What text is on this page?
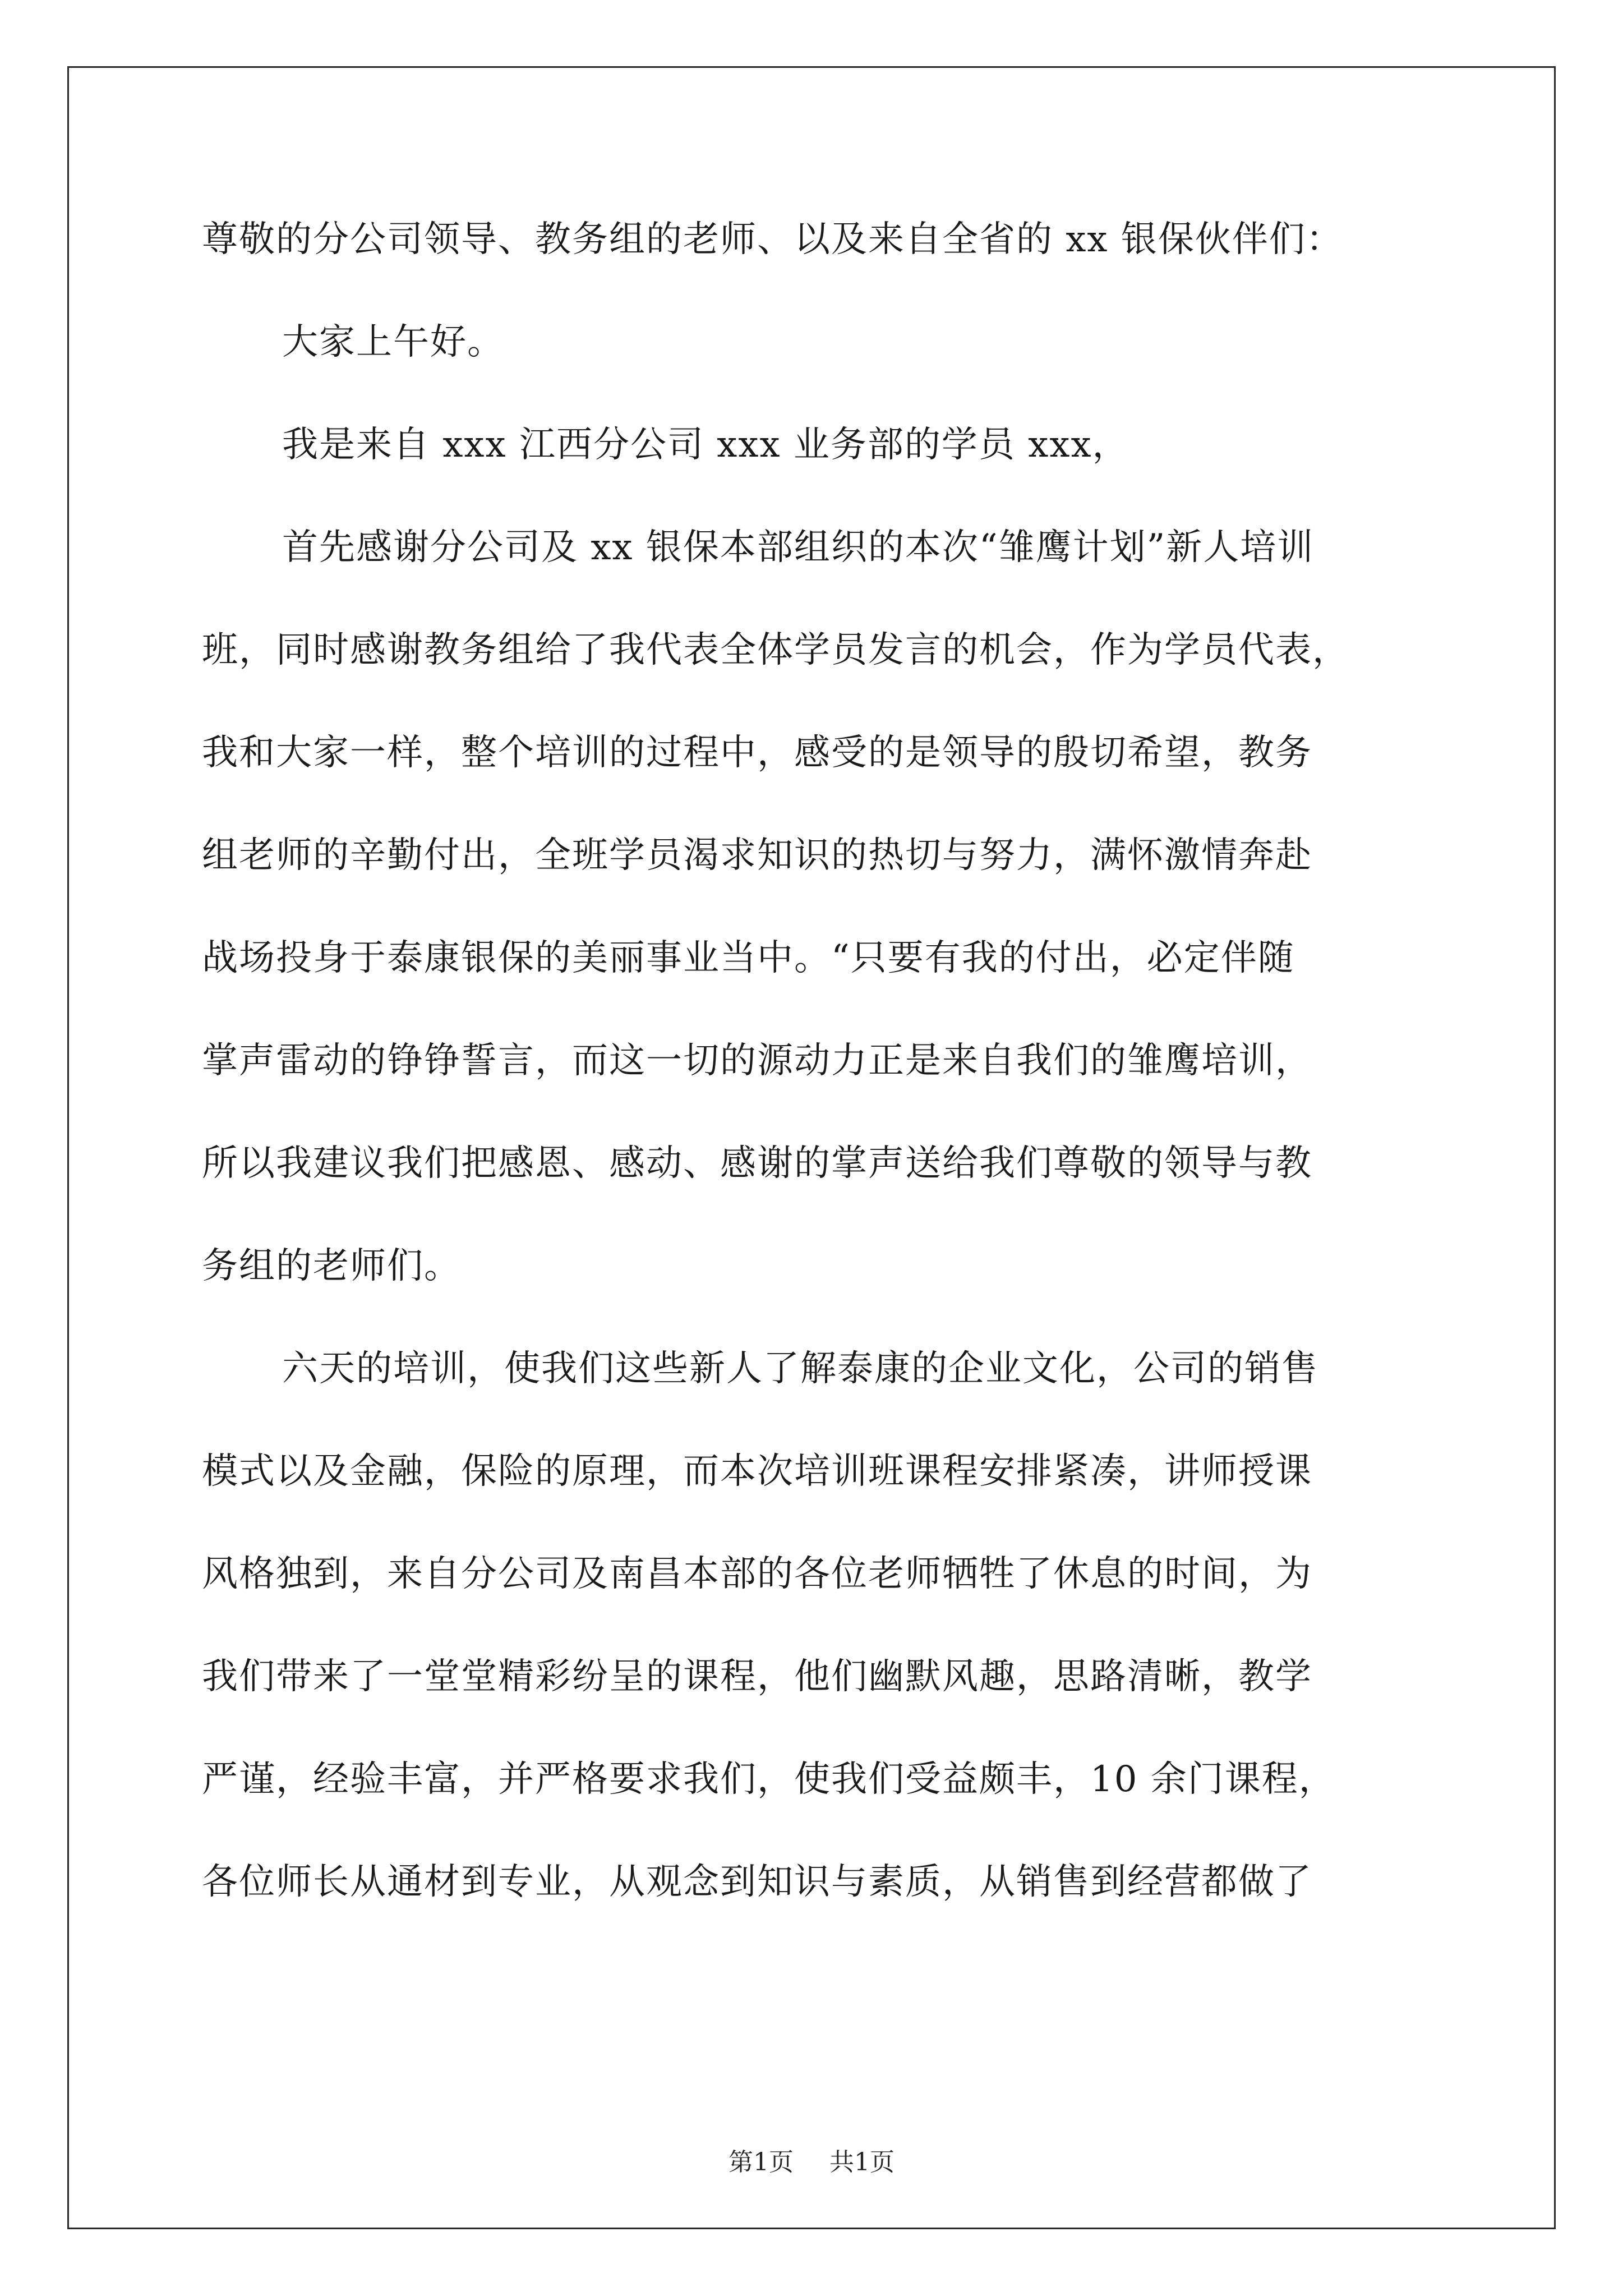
尊敬的分公司领导、教务组的老师、以及来自全省的 xx 银保伙伴们：
大家上午好。
我是来自 xxx 江西分公司 xxx 业务部的学员 xxx，
首先感谢分公司及 xx 银保本部组织的本次“雏鹰计划”新人培训
班，同时感谢教务组给了我代表全体学员发言的机会，作为学员代表，
我和大家一样，整个培训的过程中，感受的是领导的殷切希望，教务
组老师的辛勤付出，全班学员渴求知识的热切与努力，满怀激情奔赴
战场投身于泰康银保的美丽事业当中。“只要有我的付出，必定伴随
掌声雷动的铮铮誓言，而这一切的源动力正是来自我们的雏鹰培训，
所以我建议我们把感恩、感动、感谢的掌声送给我们尊敬的领导与教
务组的老师们。
六天的培训，使我们这些新人了解泰康的企业文化，公司的销售
模式以及金融，保险的原理，而本次培训班课程安排紧凑，讲师授课
风格独到，来自分公司及南昌本部的各位老师牺牲了休息的时间，为
我们带来了一堂堂精彩纷呈的课程，他们幽默风趣，思路清晰，教学
严谨，经验丰富，并严格要求我们，使我们受益颇丰，10 余门课程，
各位师长从通材到专业，从观念到知识与素质，从销售到经营都做了
第1页 共1页
